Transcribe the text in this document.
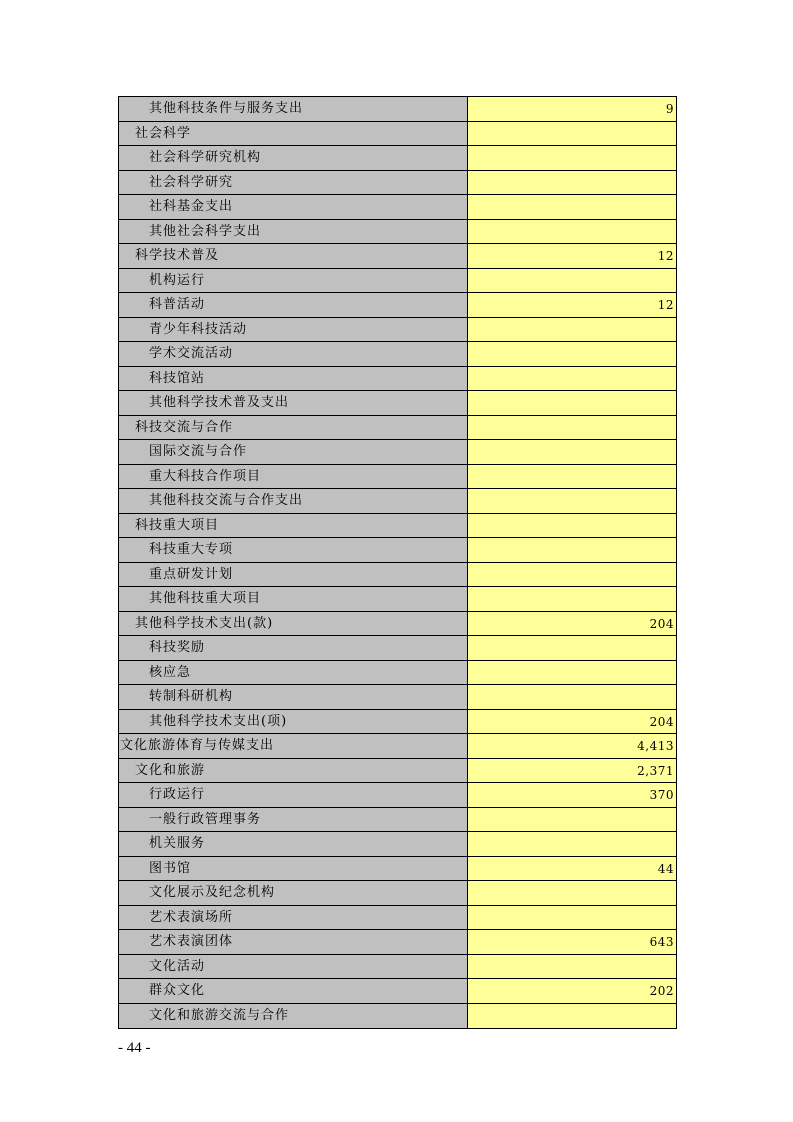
其他科技条件与服务支出	9
社会科学
社会科学研究机构
社会科学研究
社科基金支出
其他社会科学支出
科学技术普及	12
机构运行
科普活动	12
青少年科技活动
学术交流活动
科技馆站
其他科学技术普及支出
科技交流与合作
国际交流与合作
重大科技合作项目
其他科技交流与合作支出
科技重大项目
科技重大专项
重点研发计划
其他科技重大项目
其他科学技术支出(款)	204
科技奖励
核应急
转制科研机构
其他科学技术支出(项)	204
文化旅游体育与传媒支出	4,413
文化和旅游	2,371
行政运行	370
一般行政管理事务
机关服务
图书馆	44
文化展示及纪念机构
艺术表演场所
艺术表演团体	643
文化活动
群众文化	202
文化和旅游交流与合作
- 44 -
